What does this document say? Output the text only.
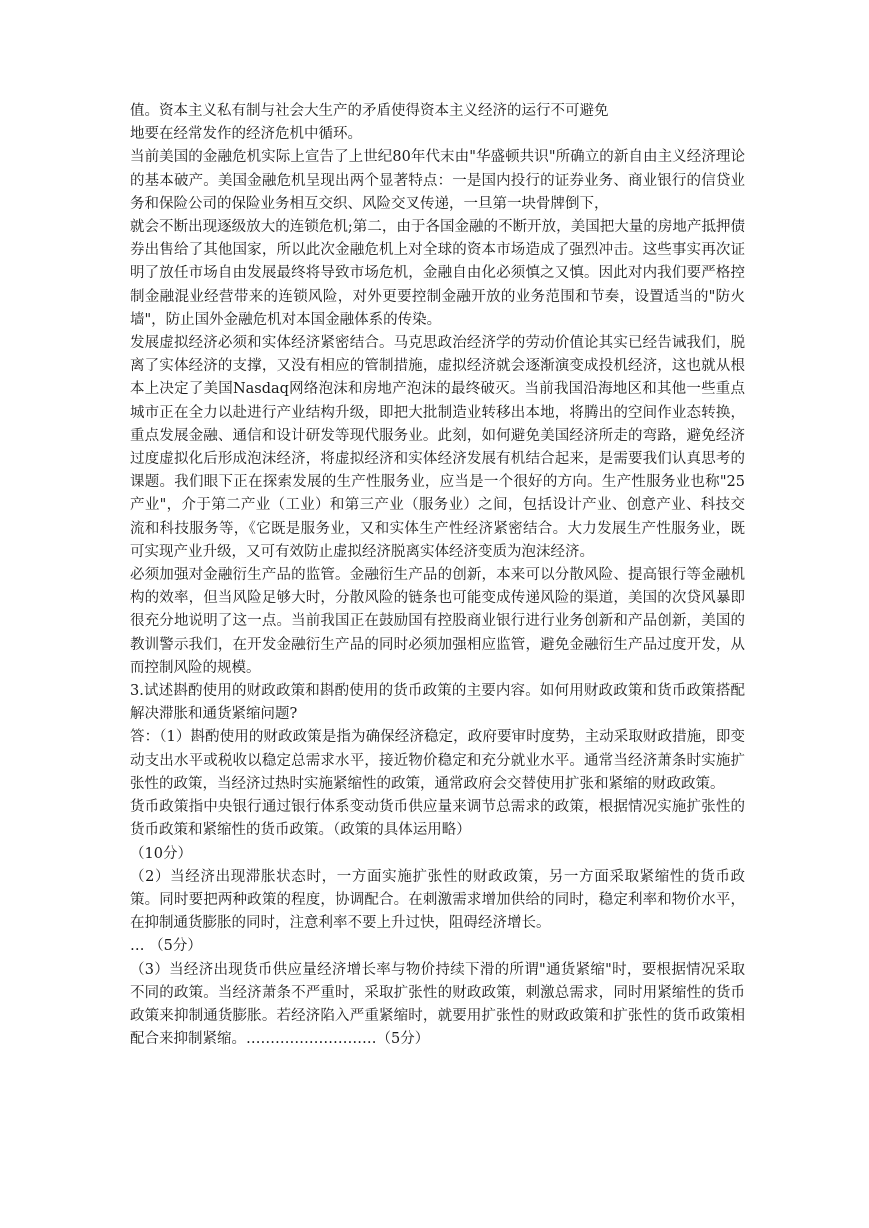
值。资本主义私有制与社会大生产的矛盾使得资本主义经济的运行不可避免

地要在经常发作的经济危机中循环。

当前美国的金融危机实际上宣告了上世纪80年代末由"华盛顿共识"所确立的新自由主义经济理论的基本破产。美国金融危机呈现出两个显著特点：一是国内投行的证券业务、商业银行的信贷业务和保险公司的保险业务相互交织、风险交叉传递，一旦第一块骨牌倒下，

就会不断出现逐级放大的连锁危机;第二，由于各国金融的不断开放，美国把大量的房地产抵押债券出售给了其他国家，所以此次金融危机上对全球的资本市场造成了强烈冲击。这些事实再次证明了放任市场自由发展最终将导致市场危机，金融自由化必须慎之又慎。因此对内我们要严格控制金融混业经营带来的连锁风险，对外更要控制金融开放的业务范围和节奏，设置适当的"防火墙"，防止国外金融危机对本国金融体系的传染。

发展虚拟经济必须和实体经济紧密结合。马克思政治经济学的劳动价值论其实已经告诫我们，脱离了实体经济的支撑，又没有相应的管制措施，虚拟经济就会逐渐演变成投机经济，这也就从根本上决定了美国Nasdaq网络泡沫和房地产泡沫的最终破灭。当前我国沿海地区和其他一些重点城市正在全力以赴进行产业结构升级，即把大批制造业转移出本地，将腾出的空间作业态转换，重点发展金融、通信和设计研发等现代服务业。此刻，如何避免美国经济所走的弯路，避免经济过度虚拟化后形成泡沫经济，将虚拟经济和实体经济发展有机结合起来，是需要我们认真思考的课题。我们眼下正在探索发展的生产性服务业，应当是一个很好的方向。生产性服务业也称"25产业"，介于第二产业（工业）和第三产业（服务业）之间，包括设计产业、创意产业、科技交流和科技服务等，《它既是服务业，又和实体生产性经济紧密结合。大力发展生产性服务业，既可实现产业升级，又可有效防止虚拟经济脱离实体经济变质为泡沫经济。

必须加强对金融衍生产品的监管。金融衍生产品的创新，本来可以分散风险、提高银行等金融机构的效率，但当风险足够大时，分散风险的链条也可能变成传递风险的渠道，美国的次贷风暴即很充分地说明了这一点。当前我国正在鼓励国有控股商业银行进行业务创新和产品创新，美国的教训警示我们，在开发金融衍生产品的同时必须加强相应监管，避免金融衍生产品过度开发，从而控制风险的规模。

3.试述斟酌使用的财政政策和斟酌使用的货币政策的主要内容。如何用财政政策和货币政策搭配解决滞胀和通货紧缩问题?

答：（1）斟酌使用的财政政策是指为确保经济稳定，政府要审时度势，主动采取财政措施，即变动支出水平或税收以稳定总需求水平，接近物价稳定和充分就业水平。通常当经济萧条时实施扩张性的政策，当经济过热时实施紧缩性的政策，通常政府会交替使用扩张和紧缩的财政政策。

货币政策指中央银行通过银行体系变动货币供应量来调节总需求的政策，根据情况实施扩张性的货币政策和紧缩性的货币政策。（政策的具体运用略）

（10分）

（2）当经济出现滞胀状态时，一方面实施扩张性的财政政策，另一方面采取紧缩性的货币政策。同时要把两种政策的程度，协调配合。在刺激需求增加供给的同时，稳定利率和物价水平，在抑制通货膨胀的同时，注意利率不要上升过快，阻碍经济增长。

… （5分）

（3）当经济出现货币供应量经济增长率与物价持续下滑的所谓"通货紧缩"时，要根据情况采取不同的政策。当经济萧条不严重时，采取扩张性的财政政策，刺激总需求，同时用紧缩性的货币政策来抑制通货膨胀。若经济陷入严重紧缩时，就要用扩张性的财政政策和扩张性的货币政策相配合来抑制紧缩。………………………（5分）
